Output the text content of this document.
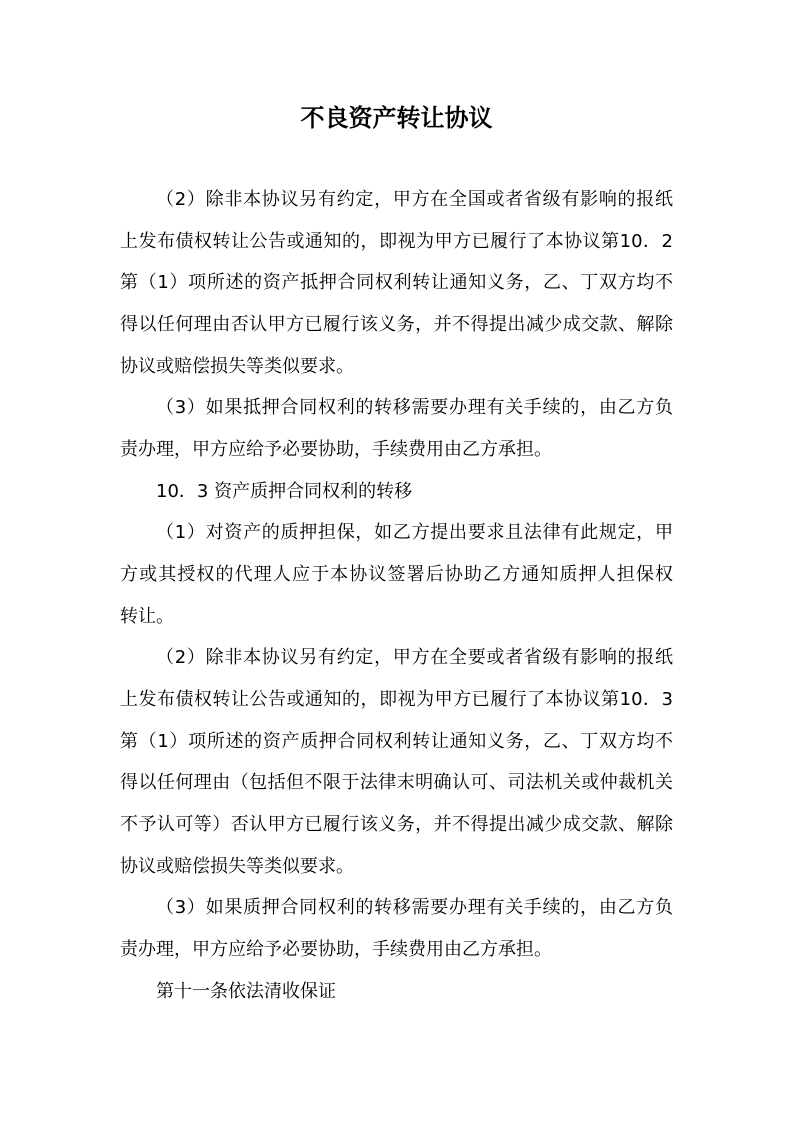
不良资产转让协议
（2）除非本协议另有约定，甲方在全国或者省级有影响的报纸
上发布债权转让公告或通知的，即视为甲方已履行了本协议第10．2
第（1）项所述的资产抵押合同权利转让通知义务，乙、丁双方均不
得以任何理由否认甲方已履行该义务，并不得提出减少成交款、解除
协议或赔偿损失等类似要求。
（3）如果抵押合同权利的转移需要办理有关手续的，由乙方负
责办理，甲方应给予必要协助，手续费用由乙方承担。
10．3 资产质押合同权利的转移
（1）对资产的质押担保，如乙方提出要求且法律有此规定，甲
方或其授权的代理人应于本协议签署后协助乙方通知质押人担保权
转让。
（2）除非本协议另有约定，甲方在全要或者省级有影响的报纸
上发布债权转让公告或通知的，即视为甲方已履行了本协议第10．3
第（1）项所述的资产质押合同权利转让通知义务，乙、丁双方均不
得以任何理由（包括但不限于法律末明确认可、司法机关或仲裁机关
不予认可等）否认甲方已履行该义务，并不得提出减少成交款、解除
协议或赔偿损失等类似要求。
（3）如果质押合同权利的转移需要办理有关手续的，由乙方负
责办理，甲方应给予必要协助，手续费用由乙方承担。
第十一条依法清收保证
